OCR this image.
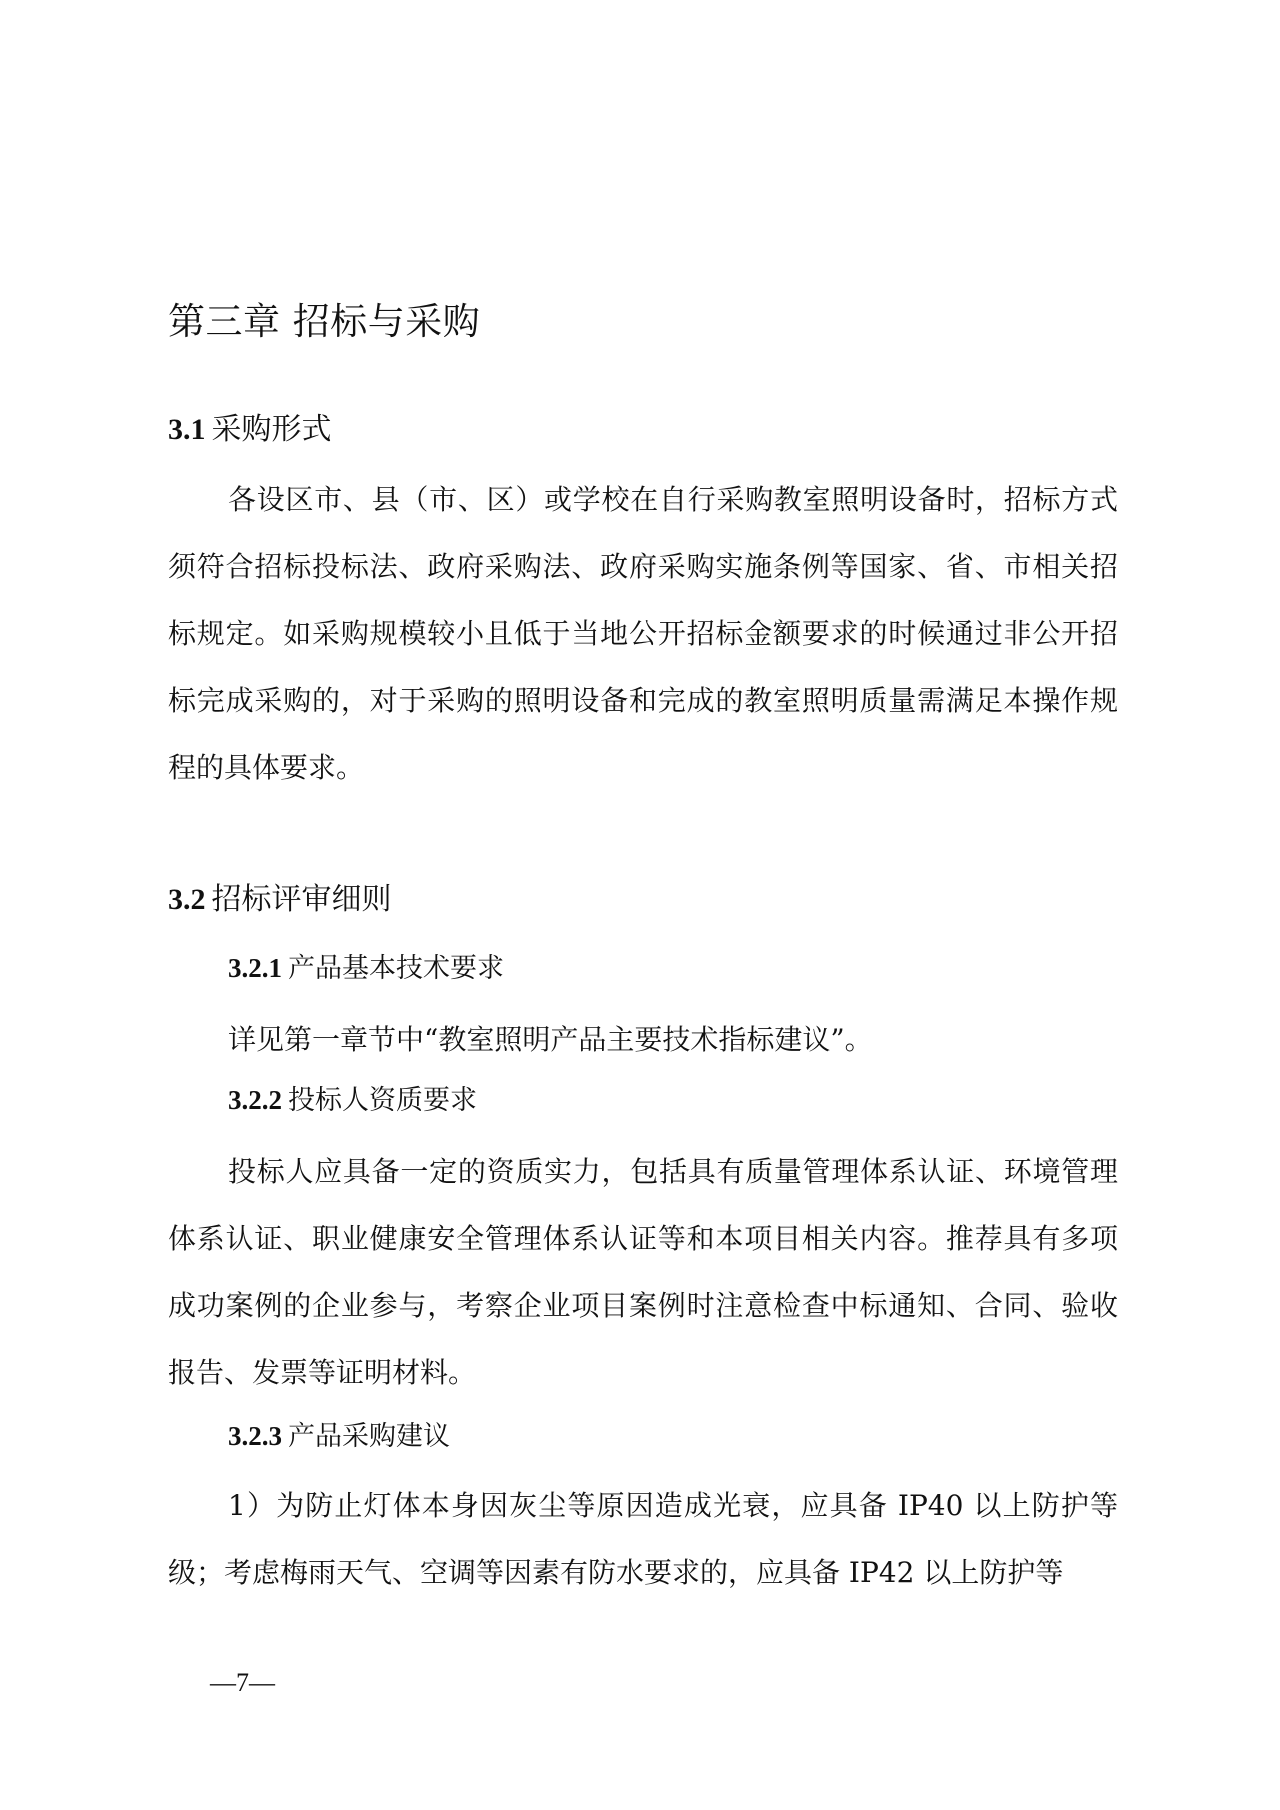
第三章 招标与采购
3.1 采购形式

各设区市、县（市、区）或学校在自行采购教室照明设备时，招标方式须符合招标投标法、政府采购法、政府采购实施条例等国家、省、市相关招标规定。如采购规模较小且低于当地公开招标金额要求的时候通过非公开招标完成采购的，对于采购的照明设备和完成的教室照明质量需满足本操作规程的具体要求。

3.2 招标评审细则
3.2.1 产品基本技术要求

详见第一章节中“教室照明产品主要技术指标建议”。

3.2.2 投标人资质要求

投标人应具备一定的资质实力，包括具有质量管理体系认证、环境管理体系认证、职业健康安全管理体系认证等和本项目相关内容。推荐具有多项成功案例的企业参与，考察企业项目案例时注意检查中标通知、合同、验收报告、发票等证明材料。

3.2.3 产品采购建议

1）为防止灯体本身因灰尘等原因造成光衰，应具备 IP40 以上防护等级；考虑梅雨天气、空调等因素有防水要求的，应具备 IP42 以上防护等

—7—
